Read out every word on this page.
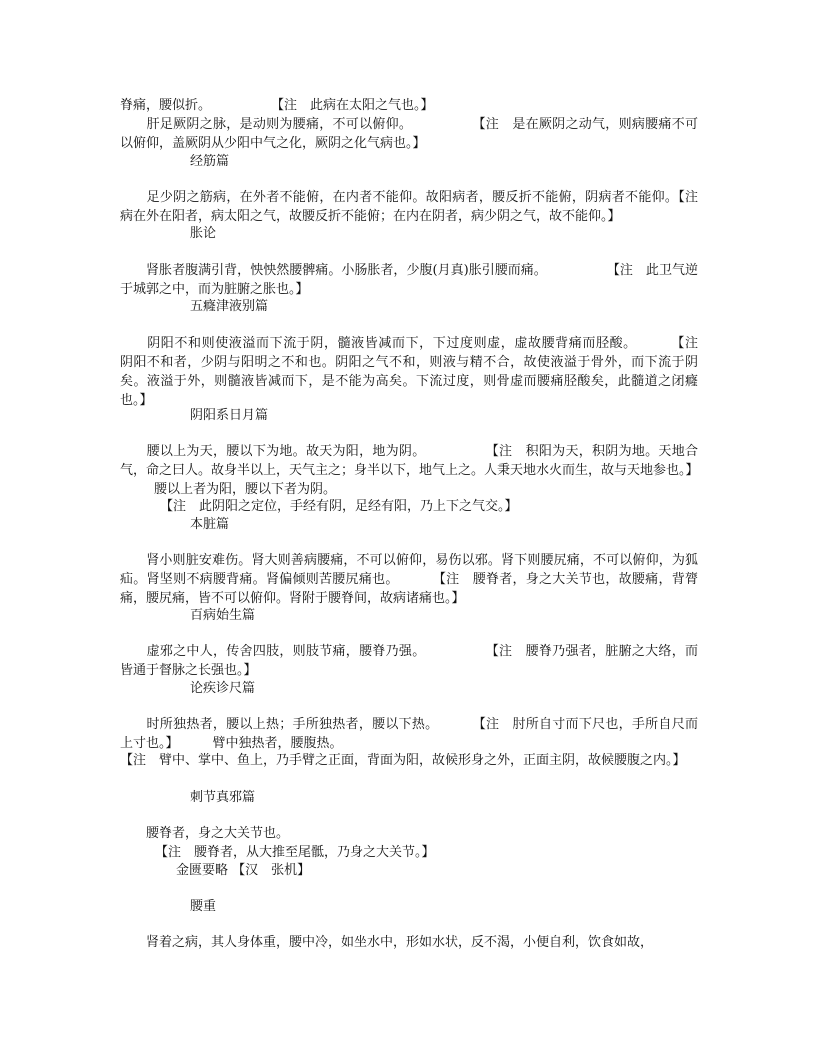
脊痛，腰似折。	【注　此病在太阳之气也。】
　　肝足厥阴之脉，是动则为腰痛，不可以俯仰。	【注　是在厥阴之动气，则病腰痛不可以俯仰，盖厥阴从少阳中气之化，厥阴之化气病也。】
经筋篇
　　足少阴之筋病，在外者不能俯，在内者不能仰。故阳病者，腰反折不能俯，阴病者不能仰。【注　病在外在阳者，病太阳之气，故腰反折不能俯；在内在阴者，病少阴之气，故不能仰。】
胀论
　　肾胀者腹满引背，怏怏然腰髀痛。小肠胀者，少腹(月真)胀引腰而痛。	【注　此卫气逆于城郭之中，而为脏腑之胀也。】
五癃津液别篇
　　阴阳不和则使液溢而下流于阴，髓液皆减而下，下过度则虚，虚故腰背痛而胫酸。	【注　阴阳不和者，少阴与阳明之不和也。阴阳之气不和，则液与精不合，故使液溢于骨外，而下流于阴矣。液溢于外，则髓液皆减而下，是不能为高矣。下流过度，则骨虚而腰痛胫酸矣，此髓道之闭癃也。】
阴阳系日月篇
　　腰以上为天，腰以下为地。故天为阳，地为阴。	【注　积阳为天，积阴为地。天地合气，命之曰人。故身半以上，天气主之；身半以下，地气上之。人秉天地水火而生，故与天地参也。】腰以上者为阳，腰以下者为阴。
【注　此阴阳之定位，手经有阴，足经有阳，乃上下之气交。】
本脏篇
　　肾小则脏安难伤。肾大则善病腰痛，不可以俯仰，易伤以邪。肾下则腰尻痛，不可以俯仰，为狐疝。肾坚则不病腰背痛。肾偏倾则苦腰尻痛也。	【注　腰脊者，身之大关节也，故腰痛，背膂痛，腰尻痛，皆不可以俯仰。肾附于腰脊间，故病诸痛也。】
百病始生篇
　　虚邪之中人，传舍四肢，则肢节痛，腰脊乃强。	【注　腰脊乃强者，脏腑之大络，而皆通于督脉之长强也。】
论疾诊尺篇
　　时所独热者，腰以上热；手所独热者，腰以下热。	【注　肘所自寸而下尺也，手所自尺而上寸也。】	臂中独热者，腰腹热。
【注　臂中、掌中、鱼上，乃手臂之正面，背面为阳，故候形身之外，正面主阴，故候腰腹之内。】
刺节真邪篇
　　腰脊者，身之大关节也。
【注　腰脊者，从大推至尾骶，乃身之大关节。】
金匮要略 【汉　张机】
腰重
　　肾着之病，其人身体重，腰中冷，如坐水中，形如水状，反不渴，小便自利，饮食如故，
